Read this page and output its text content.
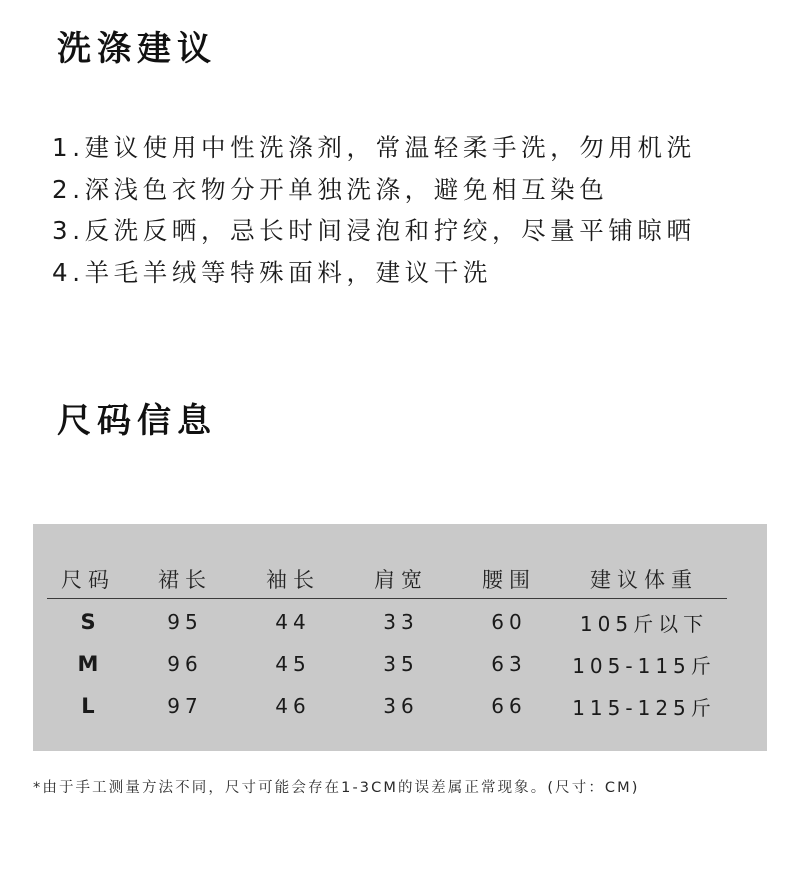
洗涤建议
1.建议使用中性洗涤剂，常温轻柔手洗，勿用机洗
2.深浅色衣物分开单独洗涤，避免相互染色
3.反洗反晒，忌长时间浸泡和拧绞，尽量平铺晾晒
4.羊毛羊绒等特殊面料，建议干洗
尺码信息
尺码	裙长	袖长	肩宽	腰围	建议体重
S	95	44	33	60	105斤以下
M	96	45	35	63	105-115斤
L	97	46	36	66	115-125斤

*由于手工测量方法不同，尺寸可能会存在1-3CM的误差属正常现象。(尺寸：CM)
